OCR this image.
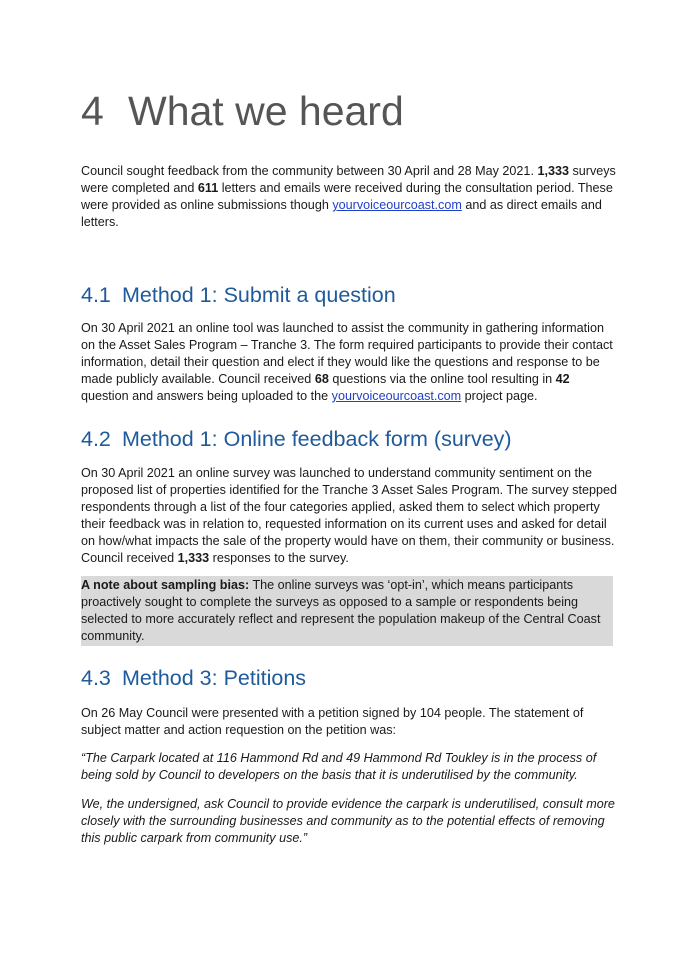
4 What we heard

Council sought feedback from the community between 30 April and 28 May 2021. 1,333 surveys were completed and 611 letters and emails were received during the consultation period. These were provided as online submissions though yourvoiceourcoast.com and as direct emails and letters.

4.1 Method 1: Submit a question

On 30 April 2021 an online tool was launched to assist the community in gathering information on the Asset Sales Program – Tranche 3. The form required participants to provide their contact information, detail their question and elect if they would like the questions and response to be made publicly available. Council received 68 questions via the online tool resulting in 42 question and answers being uploaded to the yourvoiceourcoast.com project page.

4.2 Method 1: Online feedback form (survey)

On 30 April 2021 an online survey was launched to understand community sentiment on the proposed list of properties identified for the Tranche 3 Asset Sales Program. The survey stepped respondents through a list of the four categories applied, asked them to select which property their feedback was in relation to, requested information on its current uses and asked for detail on how/what impacts the sale of the property would have on them, their community or business. Council received 1,333 responses to the survey.

A note about sampling bias: The online surveys was ‘opt-in’, which means participants proactively sought to complete the surveys as opposed to a sample or respondents being selected to more accurately reflect and represent the population makeup of the Central Coast community.
4.3 Method 3: Petitions

On 26 May Council were presented with a petition signed by 104 people. The statement of subject matter and action requestion on the petition was:

“The Carpark located at 116 Hammond Rd and 49 Hammond Rd Toukley is in the process of being sold by Council to developers on the basis that it is underutilised by the community.

We, the undersigned, ask Council to provide evidence the carpark is underutilised, consult more closely with the surrounding businesses and community as to the potential effects of removing this public carpark from community use.”
